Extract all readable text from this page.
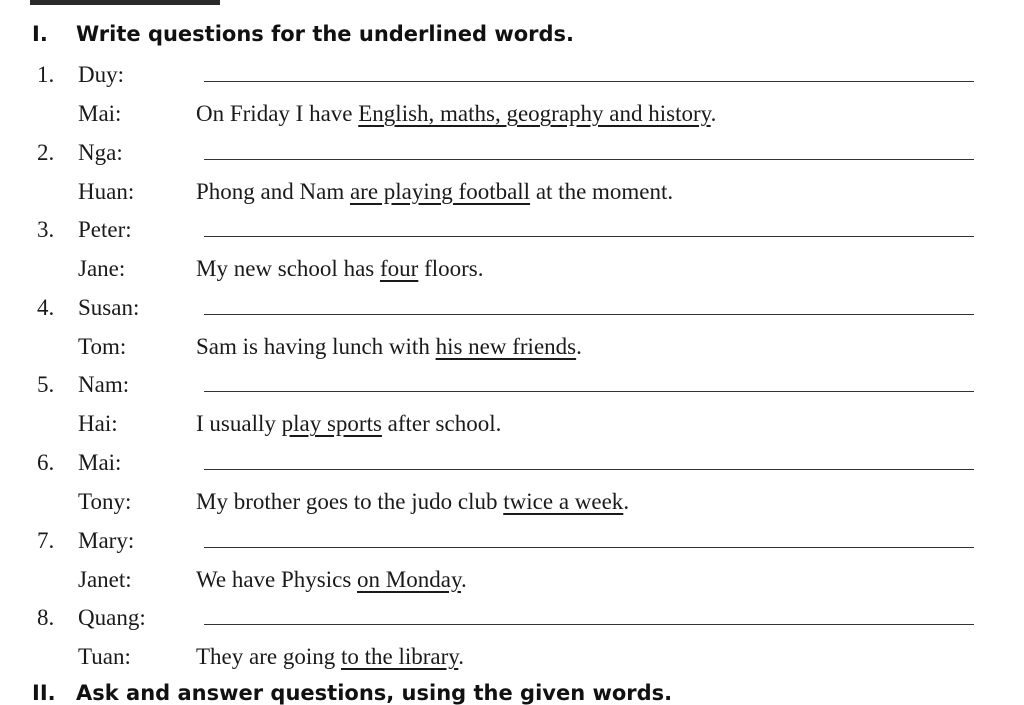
I. Write questions for the underlined words.
1. Duy:
Mai:	On Friday I have English, maths, geography and history.
2. Nga:
Huan:	Phong and Nam are playing football at the moment.
3. Peter:
Jane:	My new school has four floors.
4. Susan:
Tom:	Sam is having lunch with his new friends.
5. Nam:
Hai:	I usually play sports after school.
6. Mai:
Tony:	My brother goes to the judo club twice a week.
7. Mary:
Janet:	We have Physics on Monday.
8. Quang:
Tuan:	They are going to the library.
II. Ask and answer questions, using the given words.
